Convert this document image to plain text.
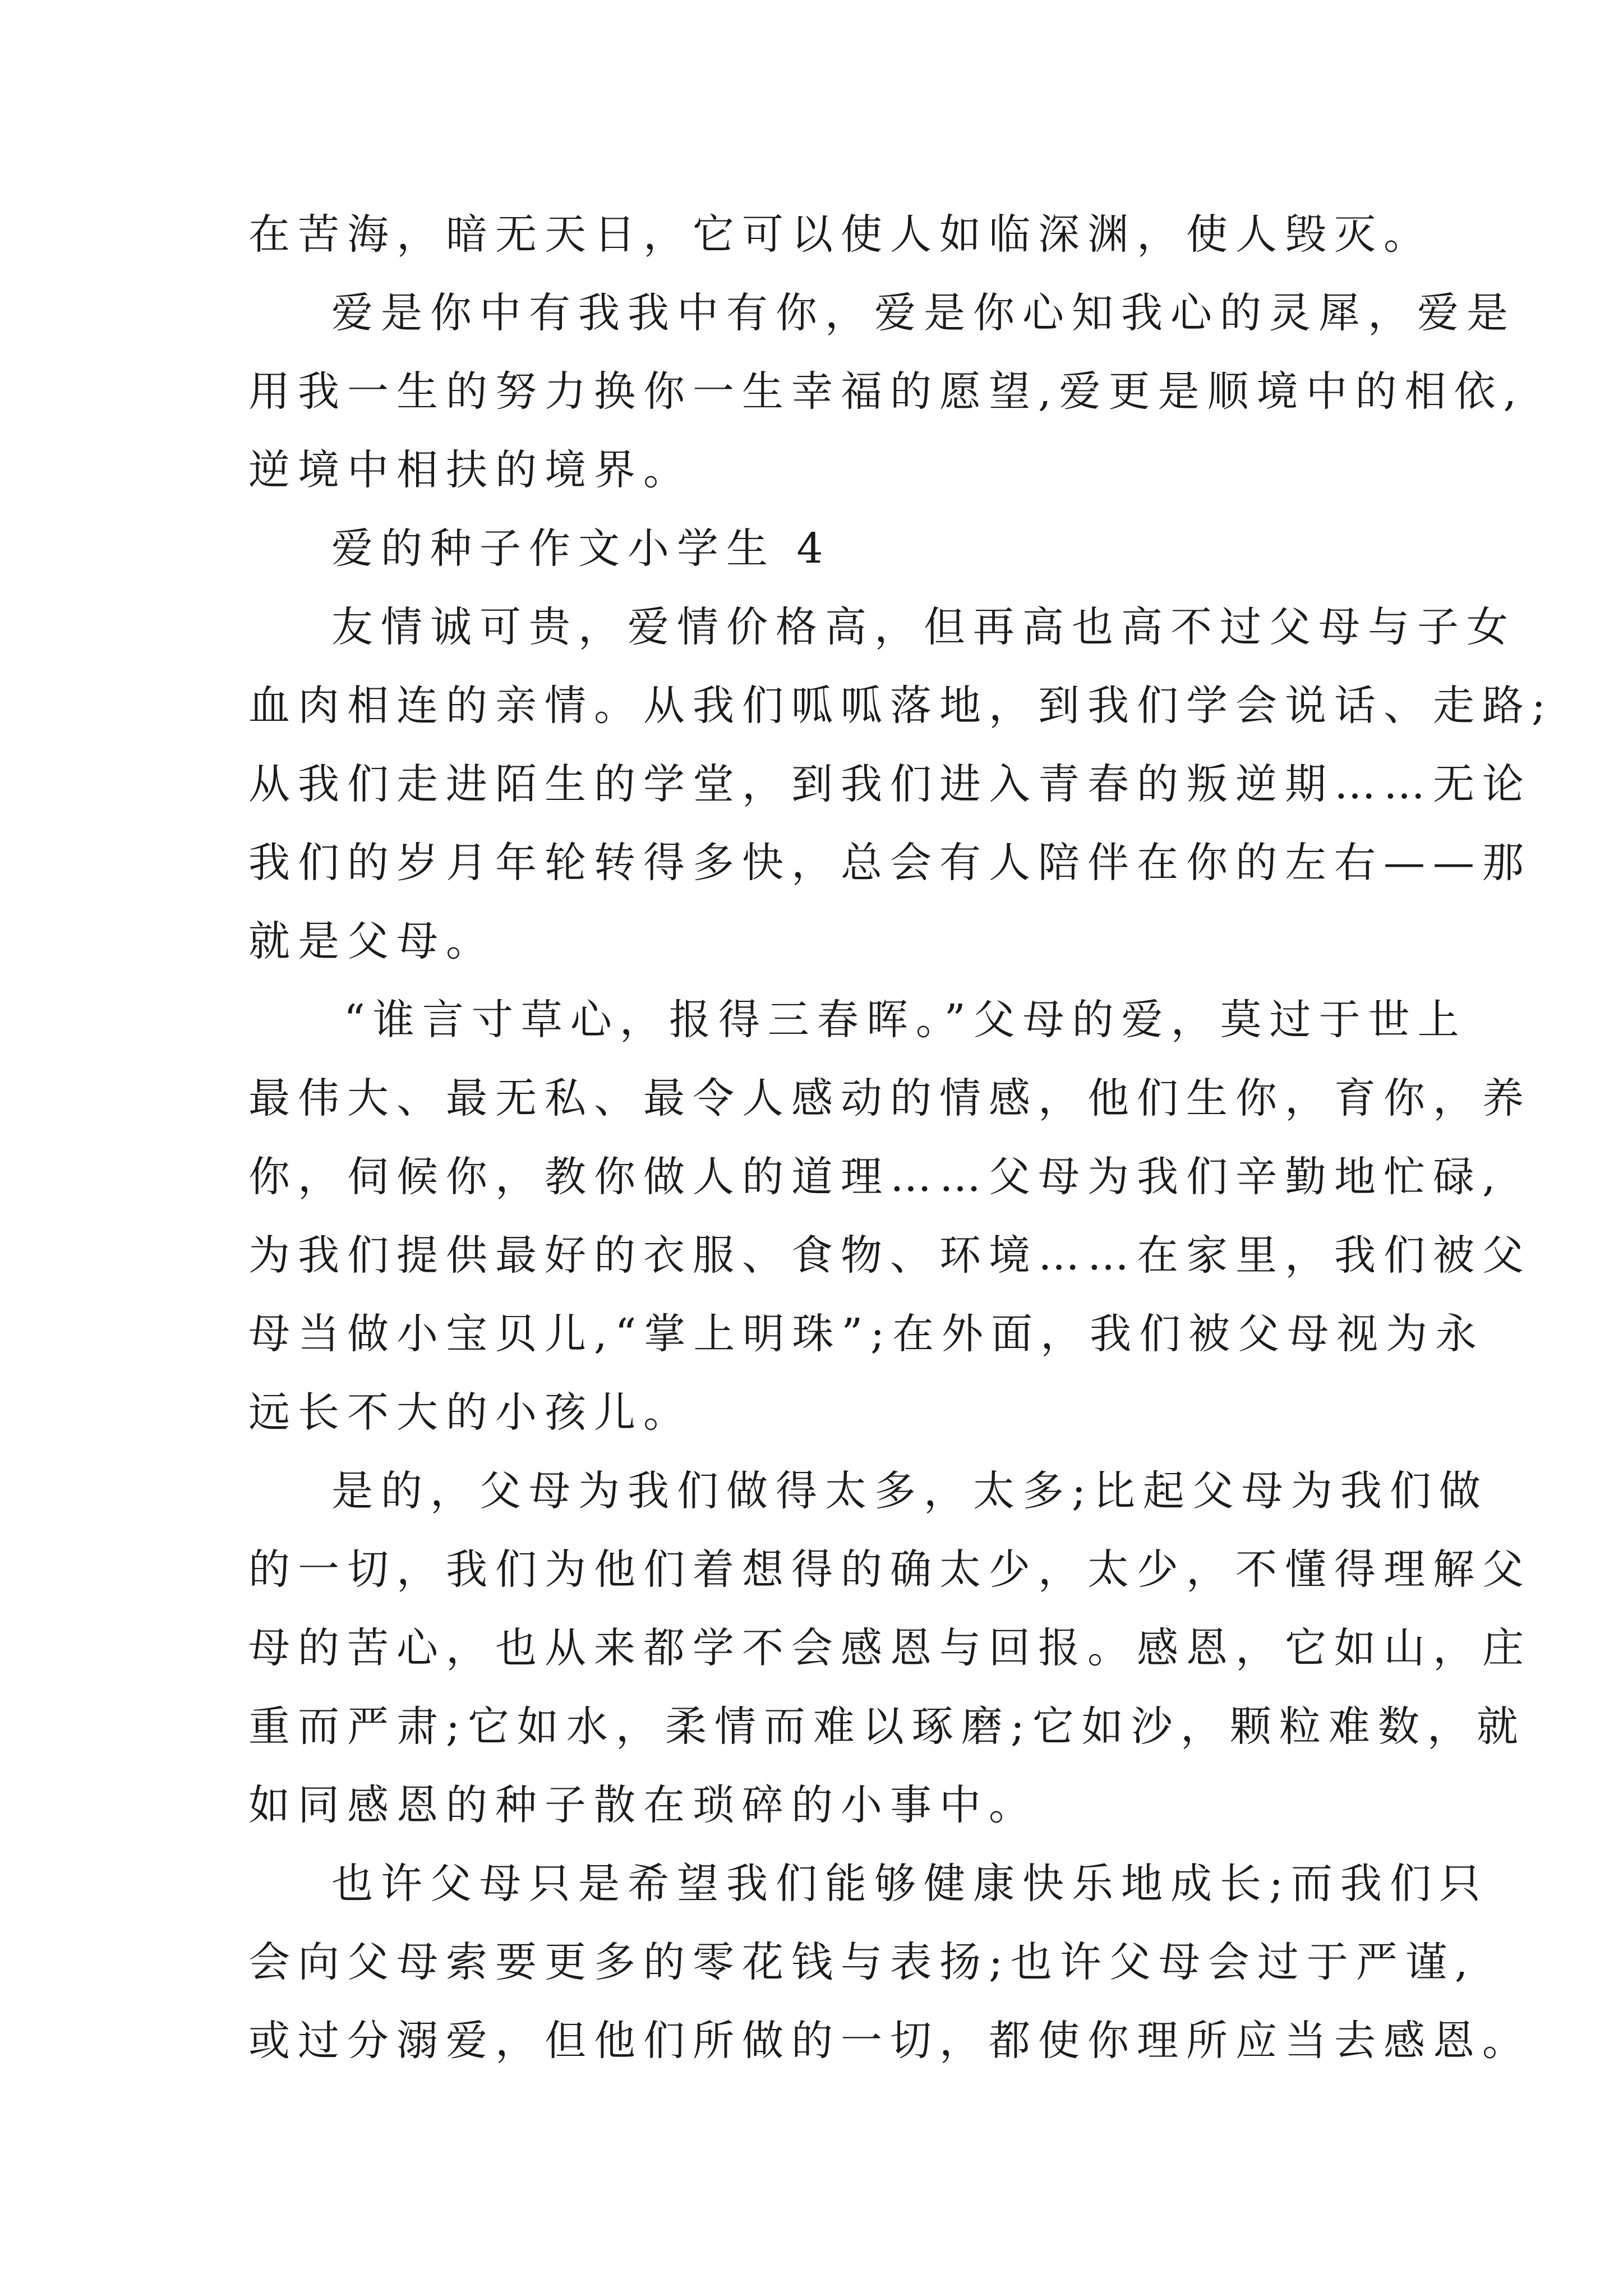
在苦海，暗无天日，它可以使人如临深渊，使人毁灭。
爱是你中有我我中有你，爱是你心知我心的灵犀，爱是
用我一生的努力换你一生幸福的愿望,爱更是顺境中的相依,
逆境中相扶的境界。
爱的种子作文小学生 4
友情诚可贵，爱情价格高，但再高也高不过父母与子女
血肉相连的亲情。从我们呱呱落地，到我们学会说话、走路;
从我们走进陌生的学堂，到我们进入青春的叛逆期……无论
我们的岁月年轮转得多快，总会有人陪伴在你的左右——那
就是父母。
“谁言寸草心，报得三春晖。”父母的爱，莫过于世上
最伟大、最无私、最令人感动的情感，他们生你，育你，养
你，伺候你，教你做人的道理……父母为我们辛勤地忙碌,
为我们提供最好的衣服、食物、环境……在家里，我们被父
母当做小宝贝儿,“掌上明珠”;在外面，我们被父母视为永
远长不大的小孩儿。
是的，父母为我们做得太多，太多;比起父母为我们做
的一切，我们为他们着想得的确太少，太少，不懂得理解父
母的苦心，也从来都学不会感恩与回报。感恩，它如山，庄
重而严肃;它如水，柔情而难以琢磨;它如沙，颗粒难数，就
如同感恩的种子散在琐碎的小事中。
也许父母只是希望我们能够健康快乐地成长;而我们只
会向父母索要更多的零花钱与表扬;也许父母会过于严谨,
或过分溺爱，但他们所做的一切，都使你理所应当去感恩。
